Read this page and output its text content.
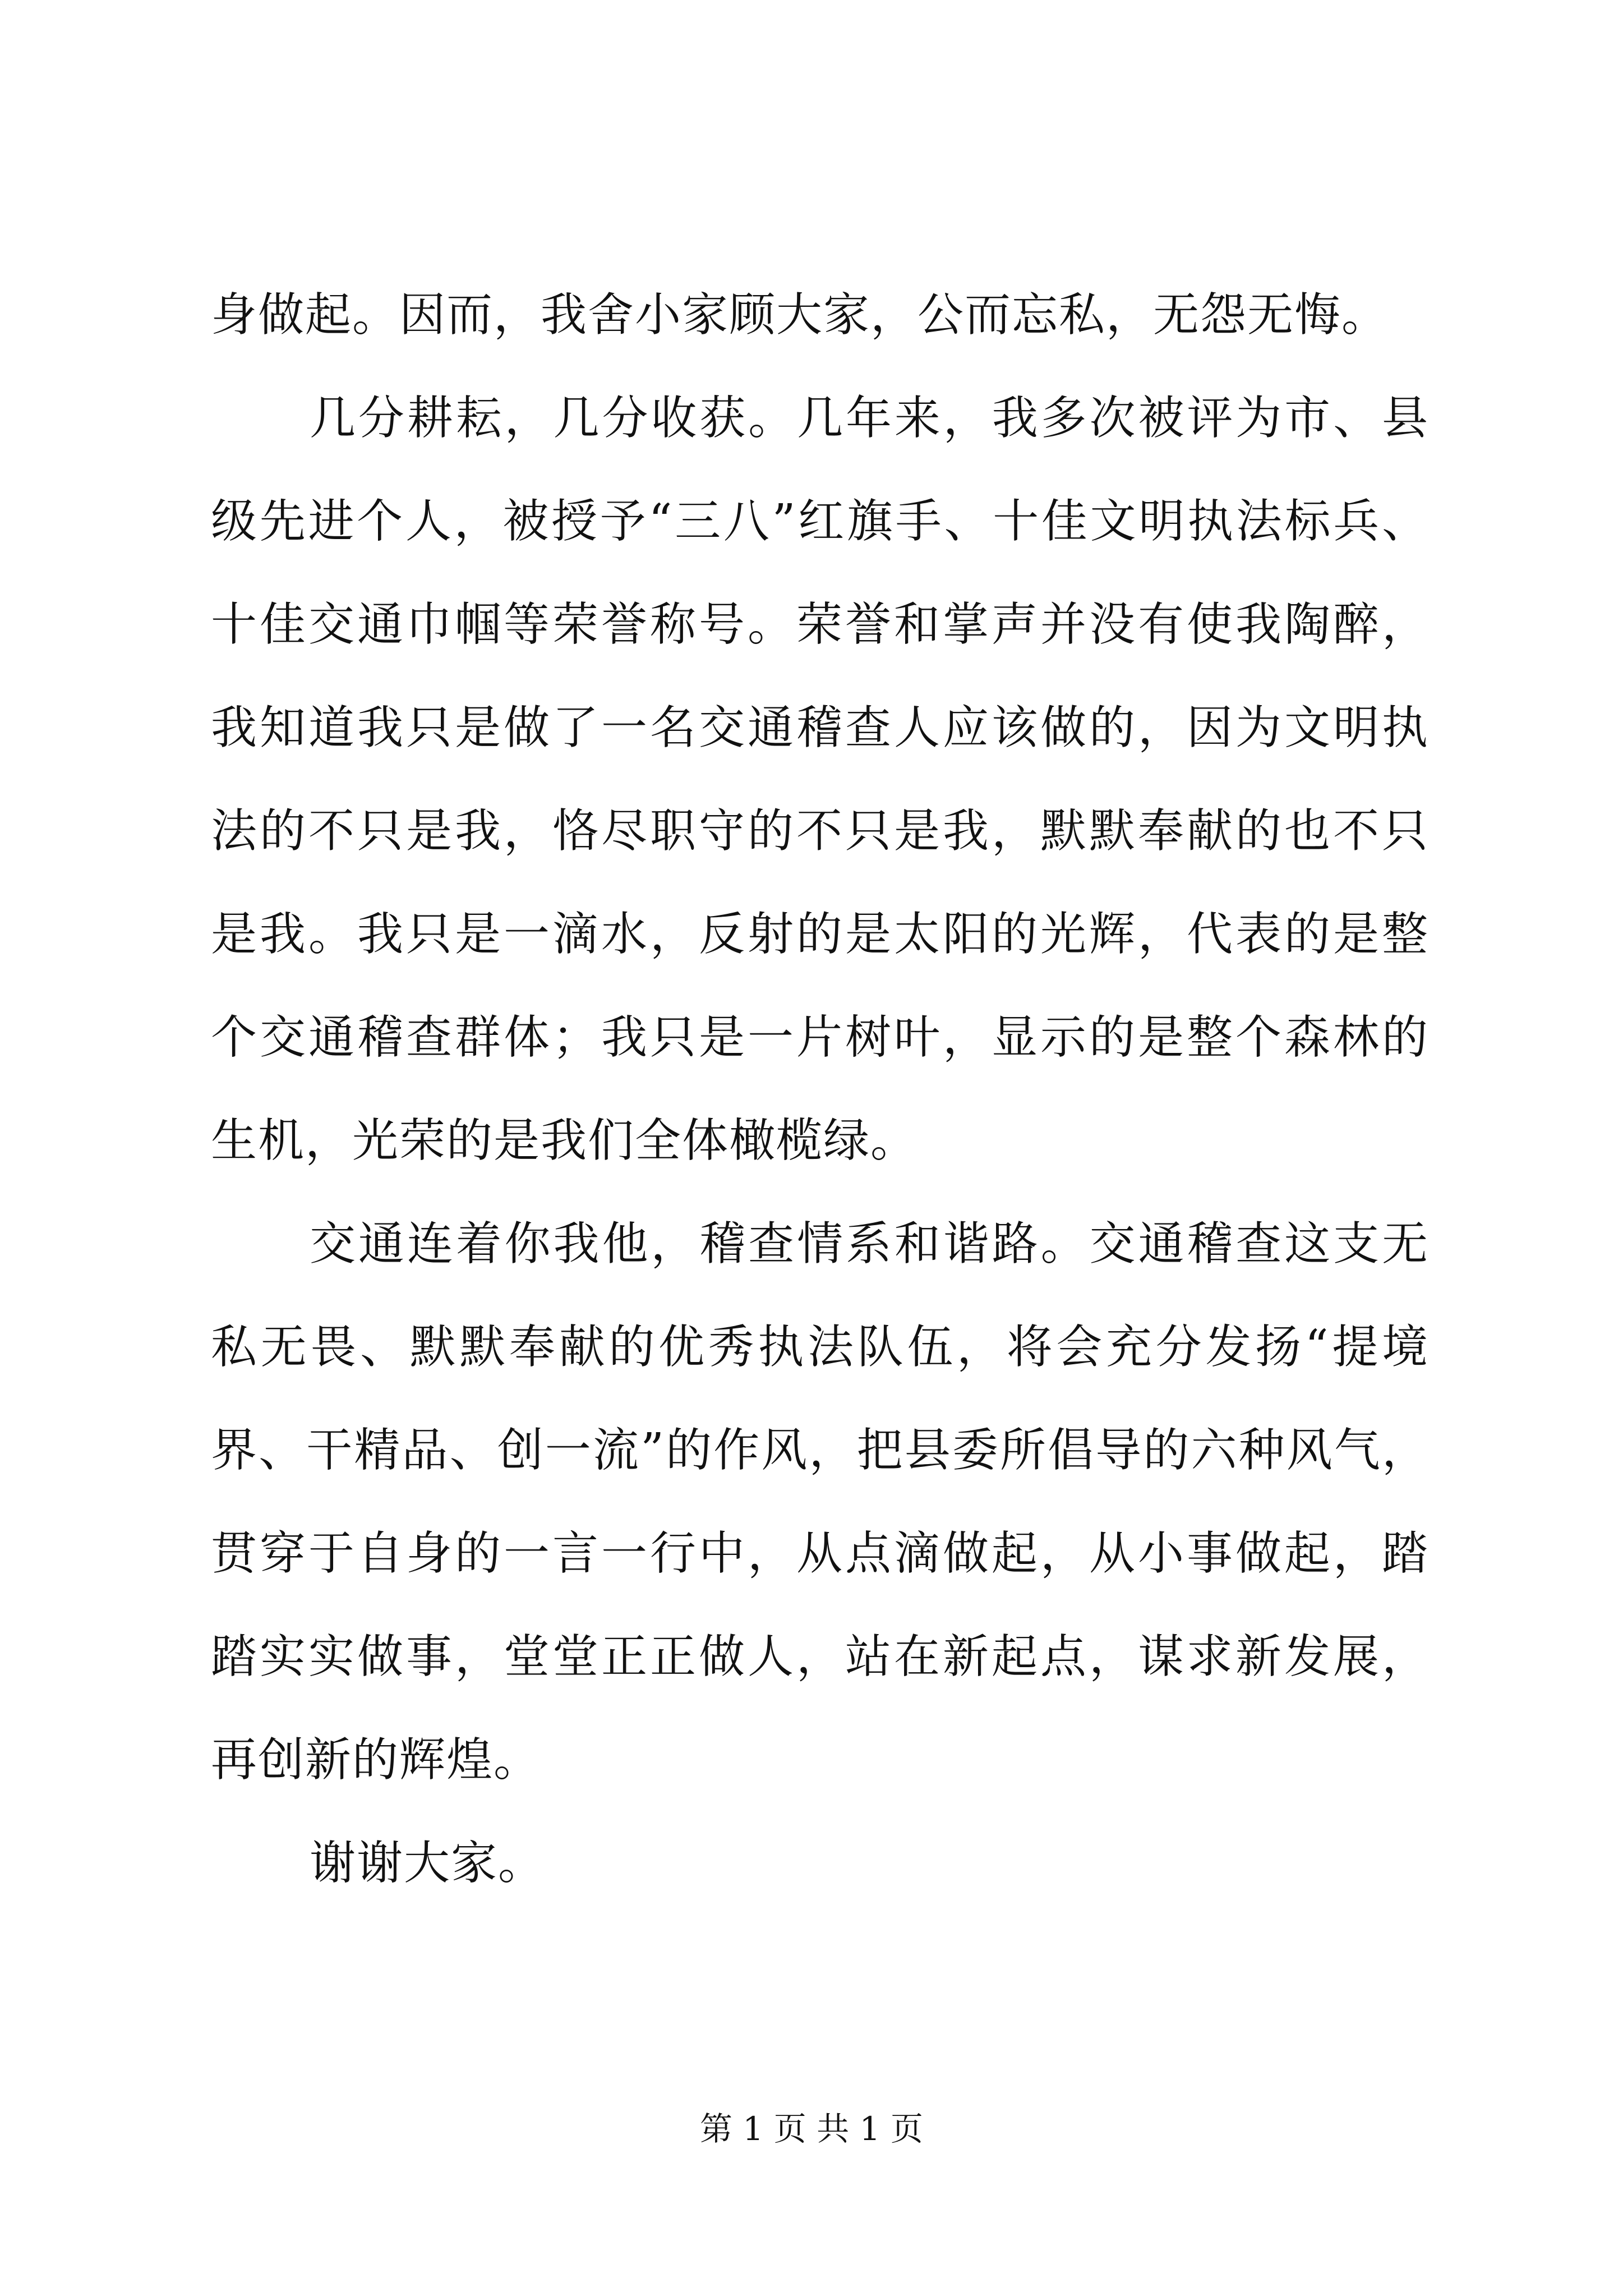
身做起。因而，我舍小家顾大家，公而忘私，无怨无悔。

几分耕耘，几分收获。几年来，我多次被评为市、县级先进个人，被授予“三八”红旗手、十佳文明执法标兵、十佳交通巾帼等荣誉称号。荣誉和掌声并没有使我陶醉，我知道我只是做了一名交通稽查人应该做的，因为文明执法的不只是我，恪尽职守的不只是我，默默奉献的也不只是我。我只是一滴水，反射的是太阳的光辉，代表的是整个交通稽查群体；我只是一片树叶，显示的是整个森林的生机，光荣的是我们全体橄榄绿。

交通连着你我他，稽查情系和谐路。交通稽查这支无私无畏、默默奉献的优秀执法队伍，将会充分发扬“提境界、干精品、创一流”的作风，把县委所倡导的六种风气，贯穿于自身的一言一行中，从点滴做起，从小事做起，踏踏实实做事，堂堂正正做人，站在新起点，谋求新发展，再创新的辉煌。

谢谢大家。

第 1 页 共 1 页
